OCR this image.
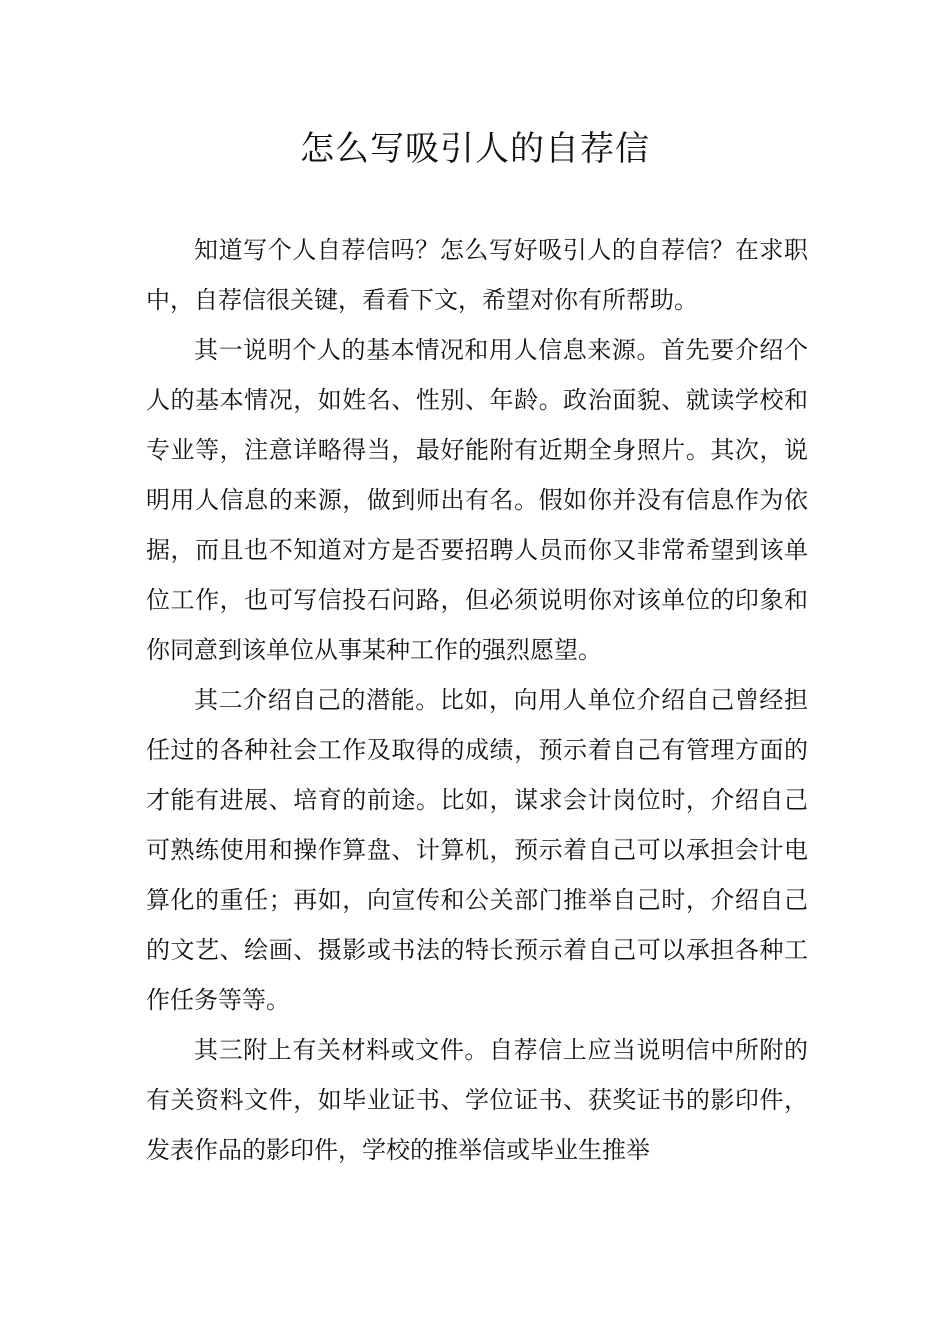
怎么写吸引人的自荐信

知道写个人自荐信吗？怎么写好吸引人的自荐信？在求职中，自荐信很关键，看看下文，希望对你有所帮助。

其一说明个人的基本情况和用人信息来源。首先要介绍个人的基本情况，如姓名、性别、年龄。政治面貌、就读学校和专业等，注意详略得当，最好能附有近期全身照片。其次，说明用人信息的来源，做到师出有名。假如你并没有信息作为依据，而且也不知道对方是否要招聘人员而你又非常希望到该单位工作，也可写信投石问路，但必须说明你对该单位的印象和你同意到该单位从事某种工作的强烈愿望。

其二介绍自己的潜能。比如，向用人单位介绍自己曾经担任过的各种社会工作及取得的成绩，预示着自己有管理方面的才能有进展、培育的前途。比如，谋求会计岗位时，介绍自己可熟练使用和操作算盘、计算机，预示着自己可以承担会计电算化的重任；再如，向宣传和公关部门推举自己时，介绍自己的文艺、绘画、摄影或书法的特长预示着自己可以承担各种工作任务等等。

其三附上有关材料或文件。自荐信上应当说明信中所附的有关资料文件，如毕业证书、学位证书、获奖证书的影印件，发表作品的影印件，学校的推举信或毕业生推举
